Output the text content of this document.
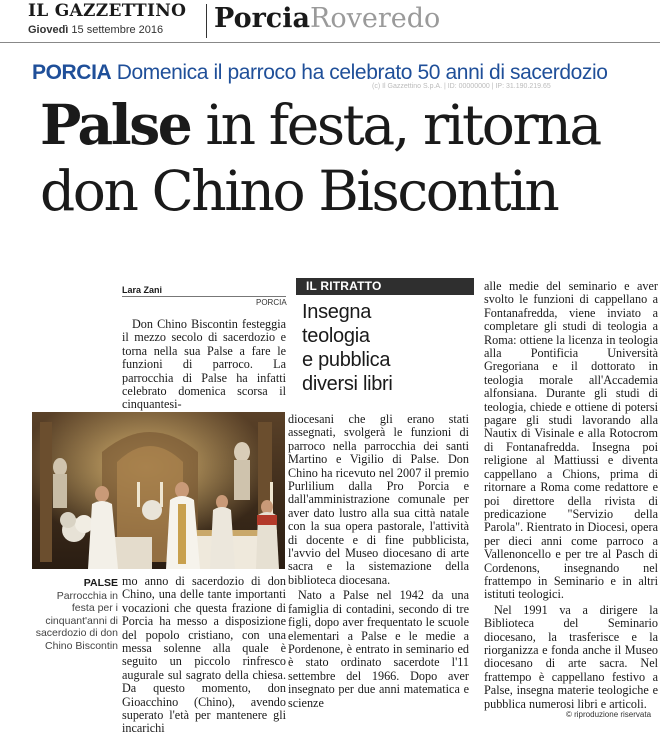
IL GAZZETTINO
Giovedì 15 settembre 2016 PorciaRoveredo
PORCIA Domenica il parroco ha celebrato 50 anni di sacerdozio
(c) Il Gazzettino S.p.A. | ID: 00000000 | IP: 31.190.219.65
Palse in festa, ritorna
don Chino Biscontin
Lara Zani
PORCIA

Don Chino Biscontin festeggia il mezzo secolo di sacerdozio e torna nella sua Palse a fare le funzioni di parroco. La parrocchia di Palse ha infatti celebrato domenica scorsa il cinquantesi-

IL RITRATTO
Insegna
teologia
e pubblica
diversi libri
PALSE
Parrocchia in festa per i cinquant'anni di sacerdozio di don Chino Biscontin

mo anno di sacerdozio di don Chino, una delle tante importanti vocazioni che questa frazione di Porcia ha messo a disposizione del popolo cristiano, con una messa solenne alla quale è seguito un piccolo rinfresco augurale sul sagrato della chiesa. Da questo momento, don Gioacchino (Chino), avendo superato l'età per mantenere gli incarichi

diocesani che gli erano stati assegnati, svolgerà le funzioni di parroco nella parrocchia dei santi Martino e Vigilio di Palse. Don Chino ha ricevuto nel 2007 il premio Purlilium dalla Pro Porcia e dall'amministrazione comunale per aver dato lustro alla sua città natale con la sua opera pastorale, l'attività di docente e di fine pubblicista, l'avvio del Museo diocesano di arte sacra e la sistemazione della biblioteca diocesana.

Nato a Palse nel 1942 da una famiglia di contadini, secondo di tre figli, dopo aver frequentato le scuole elementari a Palse e le medie a Pordenone, è entrato in seminario ed è stato ordinato sacerdote l'11 settembre del 1966. Dopo aver insegnato per due anni matematica e scienze

alle medie del seminario e aver svolto le funzioni di cappellano a Fontanafredda, viene inviato a completare gli studi di teologia a Roma: ottiene la licenza in teologia alla Pontificia Università Gregoriana e il dottorato in teologia morale all'Accademia alfonsiana. Durante gli studi di teologia, chiede e ottiene di potersi pagare gli studi lavorando alla Nautix di Visinale e alla Rotocrom di Fontanafredda. Insegna poi religione al Mattiussi e diventa cappellano a Chions, prima di ritornare a Roma come redattore e poi direttore della rivista di predicazione "Servizio della Parola". Rientrato in Diocesi, opera per dieci anni come parroco a Vallenoncello e per tre al Pasch di Cordenons, insegnando nel frattempo in Seminario e in altri istituti teologici.

Nel 1991 va a dirigere la Biblioteca del Seminario diocesano, la trasferisce e la riorganizza e fonda anche il Museo diocesano di arte sacra. Nel frattempo è cappellano festivo a Palse, insegna materie teologiche e pubblica numerosi libri e articoli.

© riproduzione riservata
